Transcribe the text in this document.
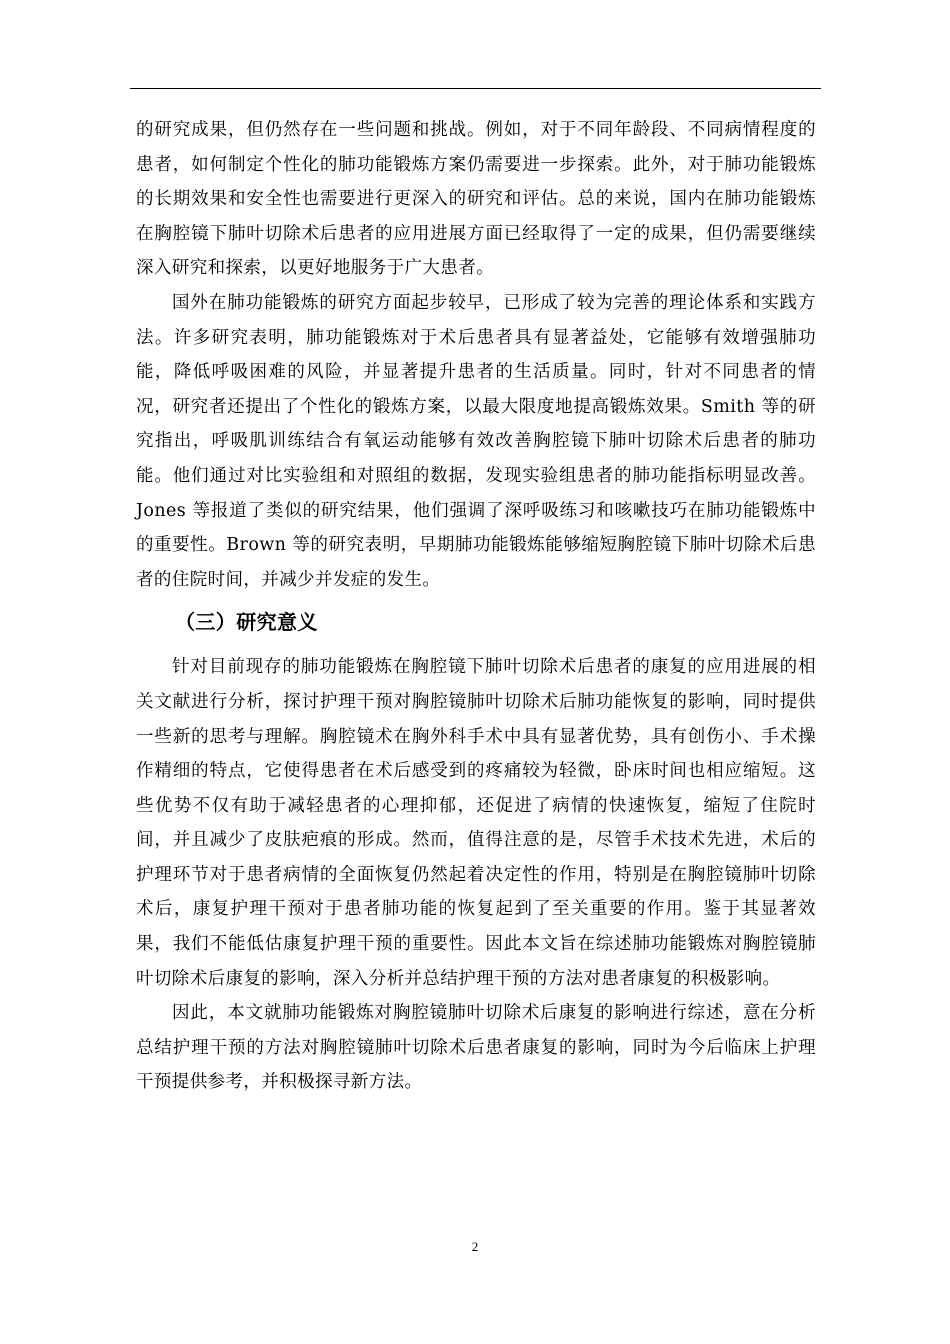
的研究成果，但仍然存在一些问题和挑战。例如，对于不同年龄段、不同病情程度的患者，如何制定个性化的肺功能锻炼方案仍需要进一步探索。此外，对于肺功能锻炼的长期效果和安全性也需要进行更深入的研究和评估。总的来说，国内在肺功能锻炼在胸腔镜下肺叶切除术后患者的应用进展方面已经取得了一定的成果，但仍需要继续深入研究和探索，以更好地服务于广大患者。

国外在肺功能锻炼的研究方面起步较早，已形成了较为完善的理论体系和实践方法。许多研究表明，肺功能锻炼对于术后患者具有显著益处，它能够有效增强肺功能，降低呼吸困难的风险，并显著提升患者的生活质量。同时，针对不同患者的情况，研究者还提出了个性化的锻炼方案，以最大限度地提高锻炼效果。Smith 等的研究指出，呼吸肌训练结合有氧运动能够有效改善胸腔镜下肺叶切除术后患者的肺功能。他们通过对比实验组和对照组的数据，发现实验组患者的肺功能指标明显改善。Jones 等报道了类似的研究结果，他们强调了深呼吸练习和咳嗽技巧在肺功能锻炼中的重要性。Brown 等的研究表明，早期肺功能锻炼能够缩短胸腔镜下肺叶切除术后患者的住院时间，并减少并发症的发生。

（三）研究意义

针对目前现存的肺功能锻炼在胸腔镜下肺叶切除术后患者的康复的应用进展的相关文献进行分析，探讨护理干预对胸腔镜肺叶切除术后肺功能恢复的影响，同时提供一些新的思考与理解。胸腔镜术在胸外科手术中具有显著优势，具有创伤小、手术操作精细的特点，它使得患者在术后感受到的疼痛较为轻微，卧床时间也相应缩短。这些优势不仅有助于减轻患者的心理抑郁，还促进了病情的快速恢复，缩短了住院时间，并且减少了皮肤疤痕的形成。然而，值得注意的是，尽管手术技术先进，术后的护理环节对于患者病情的全面恢复仍然起着决定性的作用，特别是在胸腔镜肺叶切除术后，康复护理干预对于患者肺功能的恢复起到了至关重要的作用。鉴于其显著效果，我们不能低估康复护理干预的重要性。因此本文旨在综述肺功能锻炼对胸腔镜肺叶切除术后康复的影响，深入分析并总结护理干预的方法对患者康复的积极影响。

因此，本文就肺功能锻炼对胸腔镜肺叶切除术后康复的影响进行综述，意在分析总结护理干预的方法对胸腔镜肺叶切除术后患者康复的影响，同时为今后临床上护理干预提供参考，并积极探寻新方法。

2
